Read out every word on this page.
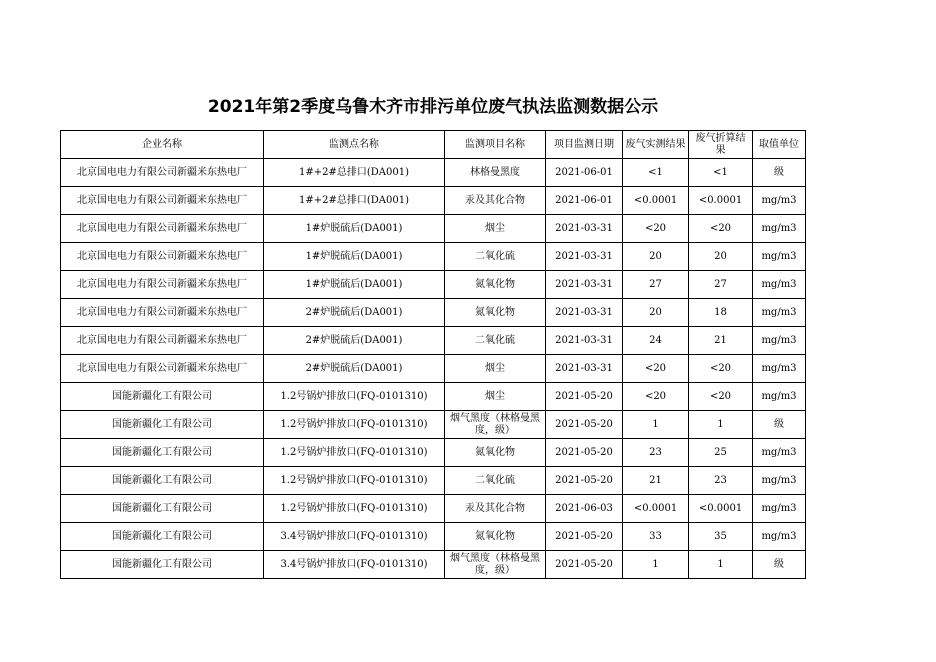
2021年第2季度乌鲁木齐市排污单位废气执法监测数据公示
企业名称	监测点名称	监测项目名称	项目监测日期	废气实测结果	废气折算结果	取值单位
北京国电电力有限公司新疆米东热电厂	1#+2#总排口(DA001)	林格曼黑度	2021-06-01	<1	<1	级
北京国电电力有限公司新疆米东热电厂	1#+2#总排口(DA001)	汞及其化合物	2021-06-01	<0.0001	<0.0001	mg/m3
北京国电电力有限公司新疆米东热电厂	1#炉脱硫后(DA001)	烟尘	2021-03-31	<20	<20	mg/m3
北京国电电力有限公司新疆米东热电厂	1#炉脱硫后(DA001)	二氧化硫	2021-03-31	20	20	mg/m3
北京国电电力有限公司新疆米东热电厂	1#炉脱硫后(DA001)	氮氧化物	2021-03-31	27	27	mg/m3
北京国电电力有限公司新疆米东热电厂	2#炉脱硫后(DA001)	氮氧化物	2021-03-31	20	18	mg/m3
北京国电电力有限公司新疆米东热电厂	2#炉脱硫后(DA001)	二氧化硫	2021-03-31	24	21	mg/m3
北京国电电力有限公司新疆米东热电厂	2#炉脱硫后(DA001)	烟尘	2021-03-31	<20	<20	mg/m3
国能新疆化工有限公司	1.2号锅炉排放口(FQ-0101310)	烟尘	2021-05-20	<20	<20	mg/m3
国能新疆化工有限公司	1.2号锅炉排放口(FQ-0101310)	烟气黑度（林格曼黑度，级）	2021-05-20	1	1	级
国能新疆化工有限公司	1.2号锅炉排放口(FQ-0101310)	氮氧化物	2021-05-20	23	25	mg/m3
国能新疆化工有限公司	1.2号锅炉排放口(FQ-0101310)	二氧化硫	2021-05-20	21	23	mg/m3
国能新疆化工有限公司	1.2号锅炉排放口(FQ-0101310)	汞及其化合物	2021-06-03	<0.0001	<0.0001	mg/m3
国能新疆化工有限公司	3.4号锅炉排放口(FQ-0101310)	氮氧化物	2021-05-20	33	35	mg/m3
国能新疆化工有限公司	3.4号锅炉排放口(FQ-0101310)	烟气黑度（林格曼黑度，级）	2021-05-20	1	1	级
